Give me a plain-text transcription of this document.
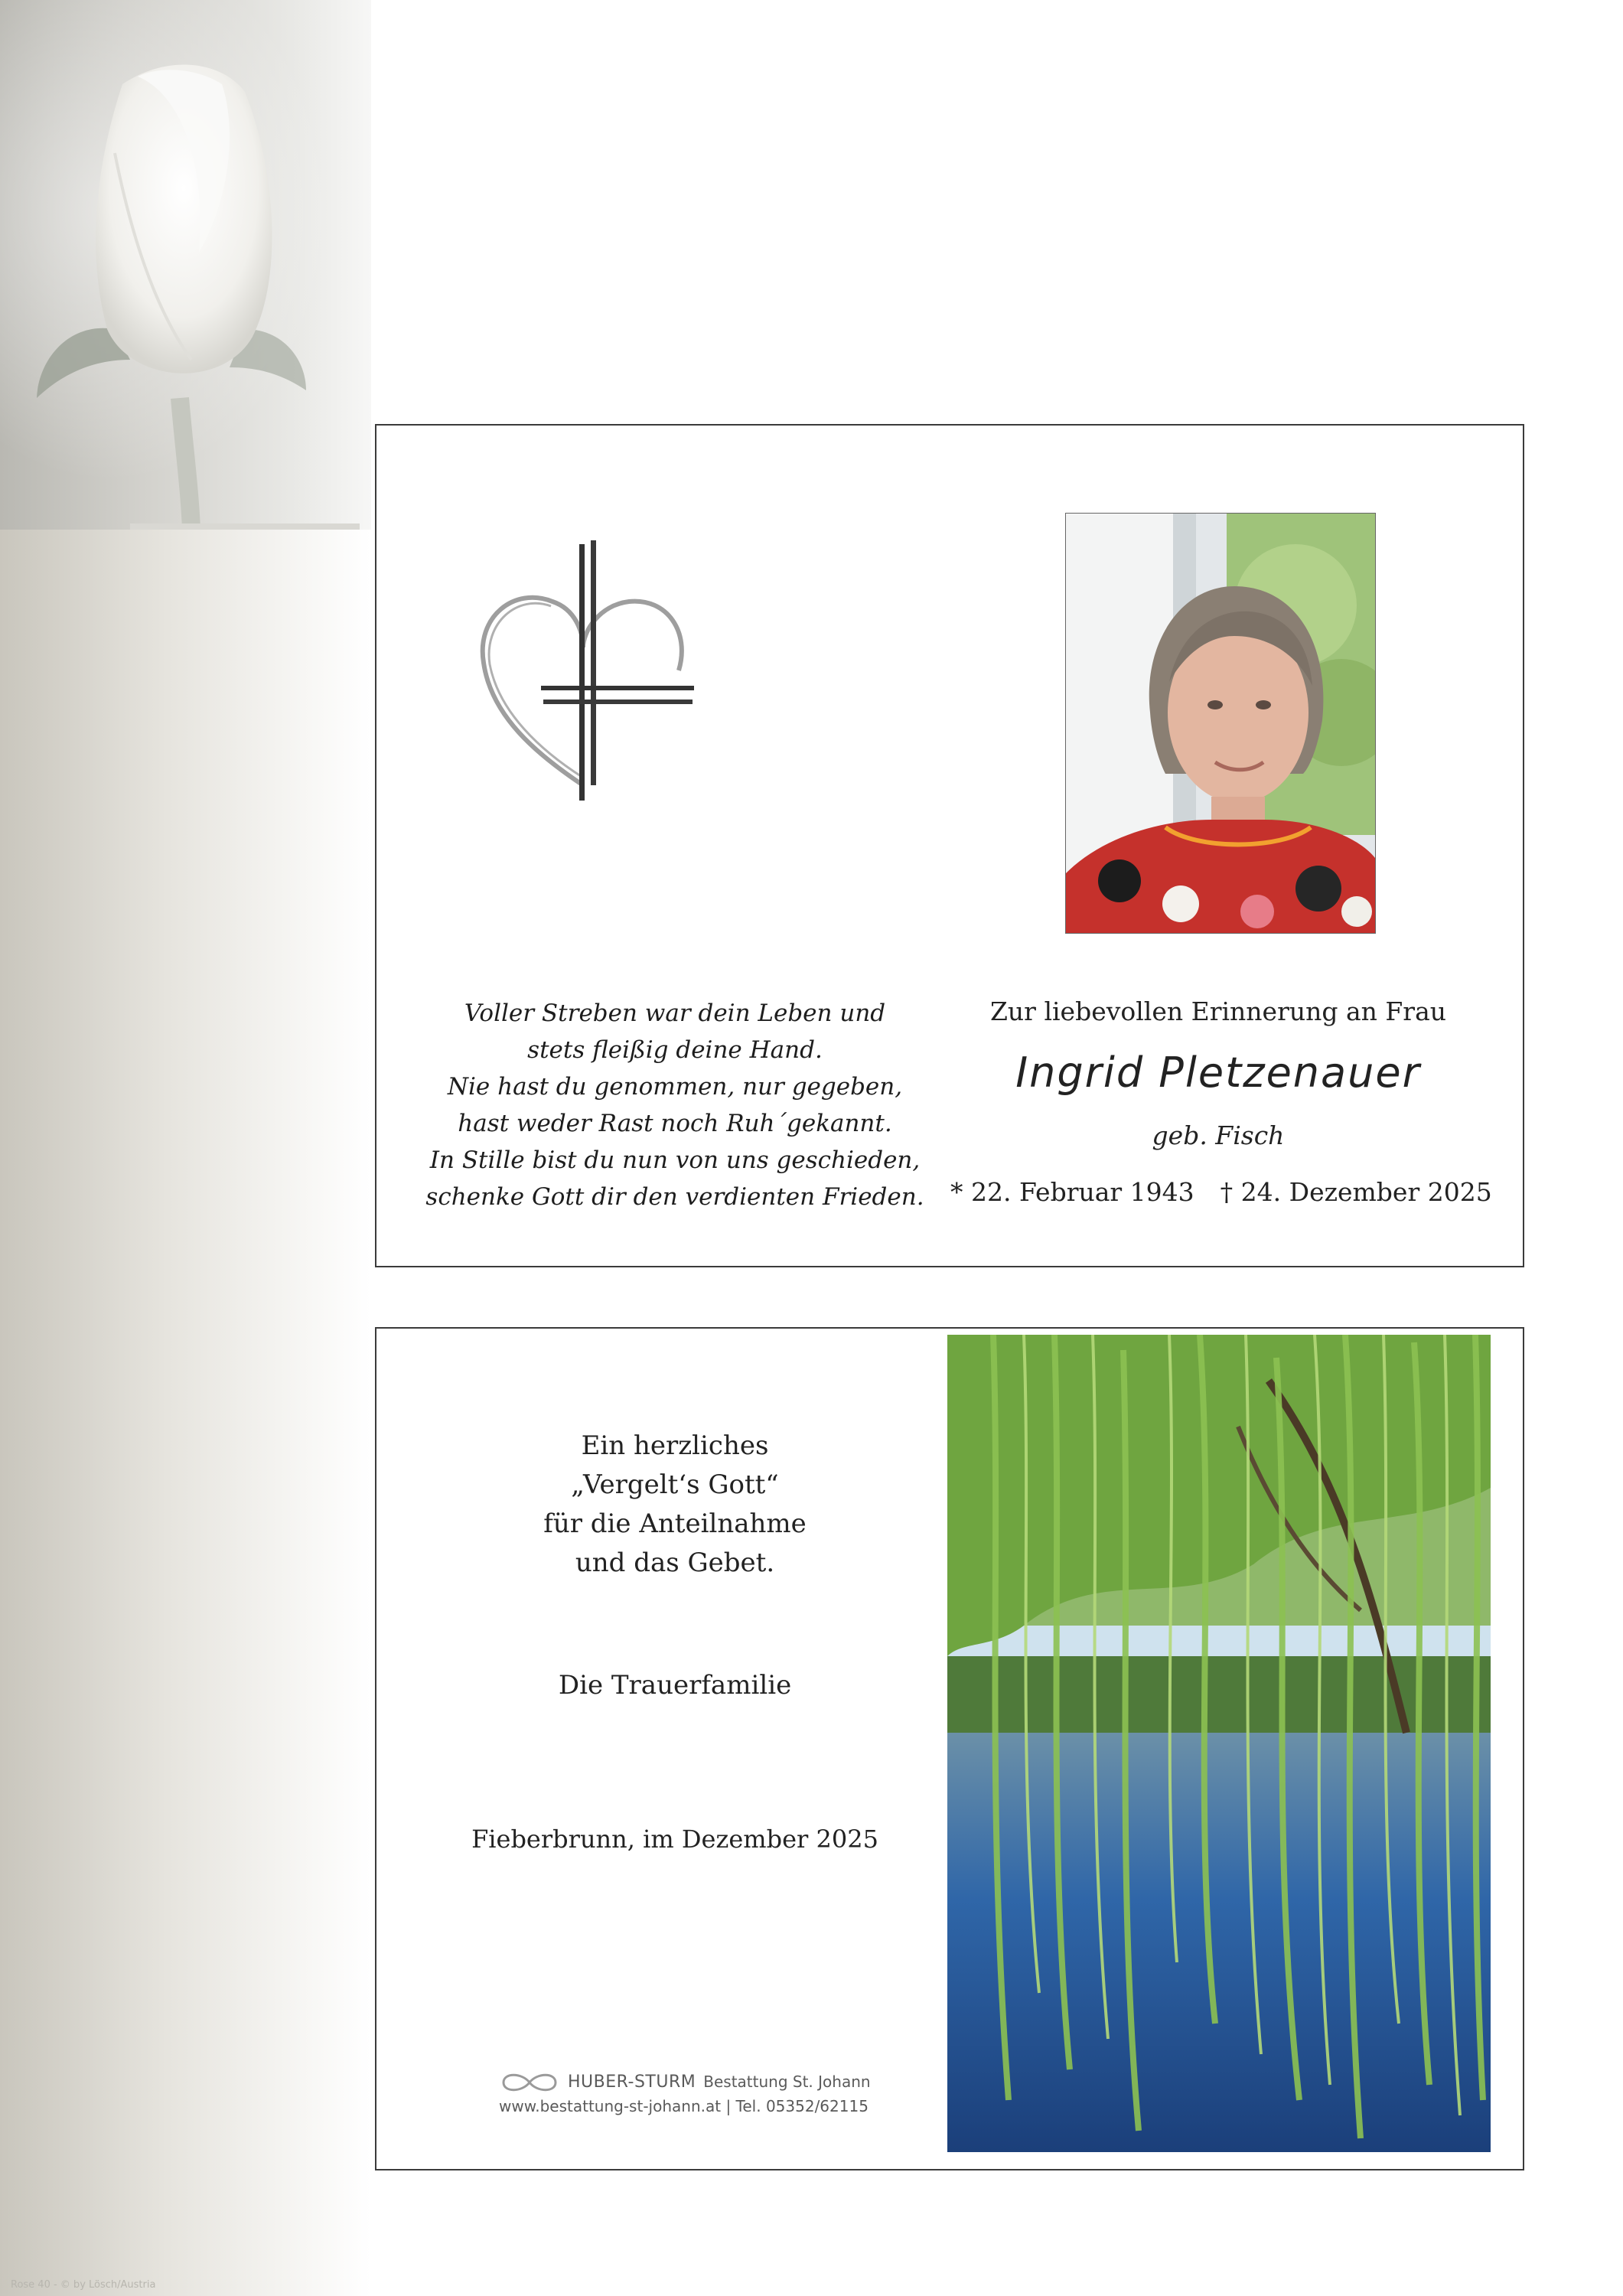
Rose 40 - © by Lösch/Austria
Voller Streben war dein Leben und
stets fleißig deine Hand.
Nie hast du genommen, nur gegeben,
hast weder Rast noch Ruh´gekannt.
In Stille bist du nun von uns geschieden,
schenke Gott dir den verdienten Frieden.
Zur liebevollen Erinnerung an Frau
Ingrid Pletzenauer
geb. Fisch
* 22. Februar 1943 † 24. Dezember 2025
Ein herzliches
„Vergelt‘s Gott“
für die Anteilnahme
und das Gebet.
Die Trauerfamilie
Fieberbrunn, im Dezember 2025
HUBER-STURM Bestattung St. Johann
www.bestattung-st-johann.at | Tel. 05352/62115
